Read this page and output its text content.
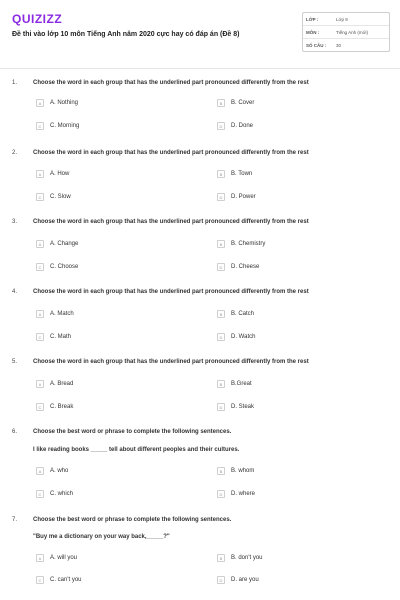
QUIZIZZ
Đề thi vào lớp 10 môn Tiếng Anh năm 2020 cực hay có đáp án (Đề 8)
LỚP :	Lớp 9
MÔN :	Tiếng Anh (mới)
SỐ CÂU :	30
1.	Choose the word in each group that has the underlined part pronounced differently from the rest
A	A. Nothing	B	B. Cover
C	C. Morning	D	D. Done
2.	Choose the word in each group that has the underlined part pronounced differently from the rest
A	A. How	B	B. Town
C	C. Slow	D	D. Power
3.	Choose the word in each group that has the underlined part pronounced differently from the rest
A	A. Change	B	B. Chemistry
C	C. Choose	D	D. Cheese
4.	Choose the word in each group that has the underlined part pronounced differently from the rest
A	A. Match	B	B. Catch
C	C. Math	D	D. Watch
5.	Choose the word in each group that has the underlined part pronounced differently from the rest
A	A. Bread	B	B.Great
C	C. Break	D	D. Steak
6.	Choose the best word or phrase to complete the following sentences.
I like reading books _____ tell about different peoples and their cultures.
A	A. who	B	B. whom
C	C. which	D	D. where
7.	Choose the best word or phrase to complete the following sentences.
"Buy me a dictionary on your way back,_____?"
A	A. will you	B	B. don't you
C	C. can't you	D	D. are you
